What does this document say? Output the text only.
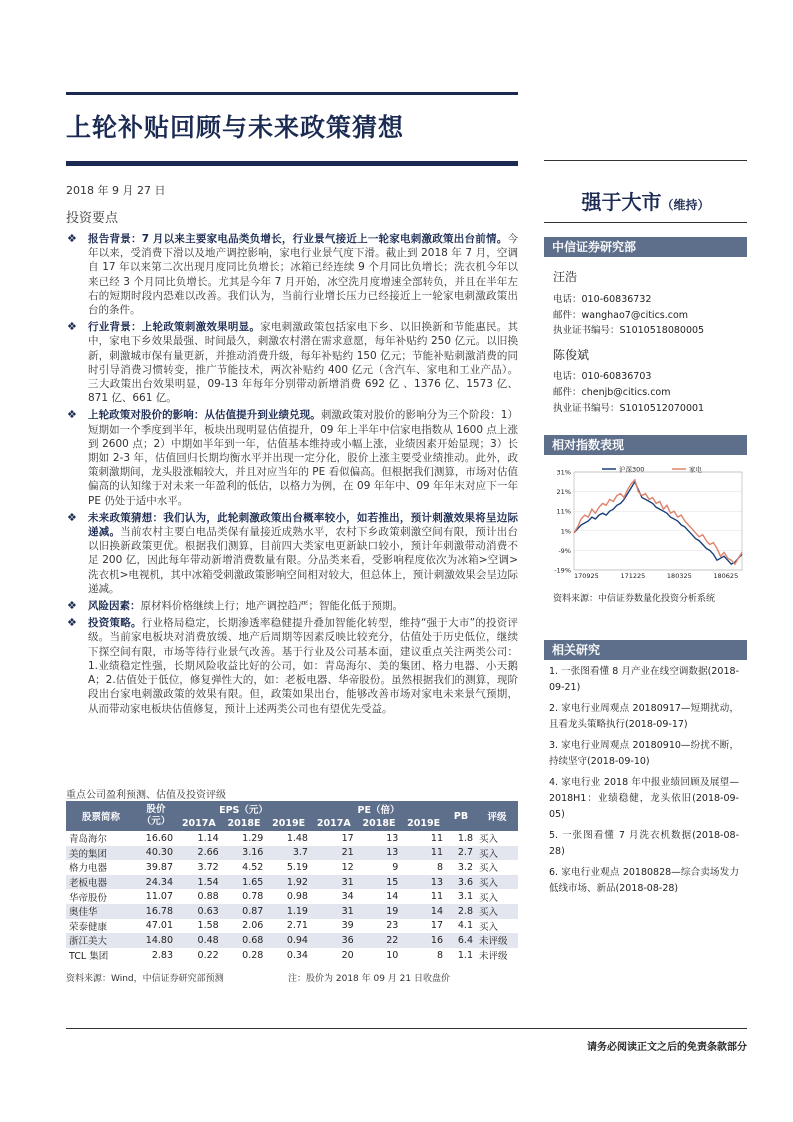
上轮补贴回顾与未来政策猜想
2018 年 9 月 27 日
投资要点
❖ 报告背景：7 月以来主要家电品类负增长，行业景气接近上一轮家电刺激政策出台前情。今年以来，受消费下滑以及地产调控影响，家电行业景气度下滑。截止到 2018 年 7 月，空调自 17 年以来第二次出现月度同比负增长；冰箱已经连续 9 个月同比负增长；洗衣机今年以来已经 3 个月同比负增长。尤其是今年 7 月开始，冰空洗月度增速全部转负，并且在半年左右的短期时段内恐难以改善。我们认为，当前行业增长压力已经接近上一轮家电刺激政策出台的条件。
❖ 行业背景：上轮政策刺激效果明显。家电刺激政策包括家电下乡、以旧换新和节能惠民。其中，家电下乡效果最强、时间最久，刺激农村潜在需求意愿，每年补贴约 250 亿元。以旧换新，刺激城市保有量更新，并推动消费升级，每年补贴约 150 亿元；节能补贴刺激消费的同时引导消费习惯转变，推广节能技术，两次补贴约 400 亿元（含汽车、家电和工业产品）。三大政策出台效果明显，09-13 年每年分别带动新增消费 692 亿 、1376 亿、1573 亿、871 亿、661 亿。
❖ 上轮政策对股价的影响：从估值提升到业绩兑现。刺激政策对股价的影响分为三个阶段：1）短期如一个季度到半年，板块出现明显估值提升，09 年上半年中信家电指数从 1600 点上涨到 2600 点；2）中期如半年到一年，估值基本维持或小幅上涨，业绩因素开始显现；3）长期如 2-3 年，估值回归长期均衡水平并出现一定分化，股价上涨主要受业绩推动。此外，政策刺激期间，龙头股涨幅较大，并且对应当年的 PE 看似偏高。但根据我们测算，市场对估值偏高的认知缘于对未来一年盈利的低估，以格力为例，在 09 年年中、09 年年末对应下一年 PE 仍处于适中水平。
❖ 未来政策猜想：我们认为，此轮刺激政策出台概率较小，如若推出，预计刺激效果将呈边际递减。当前农村主要白电品类保有量接近成熟水平，农村下乡政策刺激空间有限，预计出台以旧换新政策更优。根据我们测算，目前四大类家电更新缺口较小，预计年刺激带动消费不足 200 亿，因此每年带动新增消费数量有限。分品类来看，受影响程度依次为冰箱>空调>洗衣机>电视机，其中冰箱受刺激政策影响空间相对较大，但总体上，预计刺激效果会呈边际递减。
❖ 风险因素：原材料价格继续上行；地产调控趋严；智能化低于预期。
❖ 投资策略。行业格局稳定，长期渗透率稳健提升叠加智能化转型，维持“强于大市”的投资评级。当前家电板块对消费放缓、地产后周期等因素反映比较充分，估值处于历史低位，继续下探空间有限，市场等待行业景气改善。基于行业及公司基本面，建议重点关注两类公司：1.业绩稳定性强，长期风险收益比好的公司，如：青岛海尔、美的集团、格力电器、小天鹅 A；2.估值处于低位，修复弹性大的，如：老板电器、华帝股份。虽然根据我们的测算，现阶段出台家电刺激政策的效果有限。但，政策如果出台，能够改善市场对家电未来景气预期，从而带动家电板块估值修复，预计上述两类公司也有望优先受益。
重点公司盈利预测、估值及投资评级
股票简称	股价
（元）	EPS（元）			PE（倍）			PB	评级
		2017A	2018E	2019E	2017A	2018E	2019E		
青岛海尔	16.60	1.14	1.29	1.48	17	13	11	1.8	买入
美的集团	40.30	2.66	3.16	3.7	21	13	11	2.7	买入
格力电器	39.87	3.72	4.52	5.19	12	9	8	3.2	买入
老板电器	24.34	1.54	1.65	1.92	31	15	13	3.6	买入
华帝股份	11.07	0.88	0.78	0.98	34	14	11	3.1	买入
奥佳华	16.78	0.63	0.87	1.19	31	19	14	2.8	买入
荣泰健康	47.01	1.58	2.06	2.71	39	23	17	4.1	买入
浙江美大	14.80	0.48	0.68	0.94	36	22	16	6.4	未评级
TCL 集团	2.83	0.22	0.28	0.34	20	10	8	1.1	未评级
资料来源：Wind，中信证券研究部预测	注：股价为 2018 年 09 月 21 日收盘价
强于大市（维持）
中信证券研究部
汪浩
电话：010-60836732
邮件：wanghao7@citics.com
执业证书编号：S1010518080005
陈俊斌
电话：010-60836703
邮件：chenjb@citics.com
执业证书编号：S1010512070001
相对指数表现
31%
21%
11%
1%
-9%
-19%
170925	171225	180325	180625
沪深300	家电
资料来源：中信证券数量化投资分析系统
相关研究
1. 一张图看懂 8 月产业在线空调数据(2018-09-21)
2. 家电行业周观点 20180917—短期扰动，且看龙头策略执行(2018-09-17)
3. 家电行业周观点 20180910—纷扰不断，持续坚守(2018-09-10)
4. 家电行业 2018 年中报业绩回顾及展望—2018H1：业绩稳健，龙头依旧(2018-09-05)
5. 一张图看懂 7 月洗衣机数据(2018-08-28)
6. 家电行业观点 20180828—综合卖场发力低线市场、新品(2018-08-28)
请务必阅读正文之后的免责条款部分
